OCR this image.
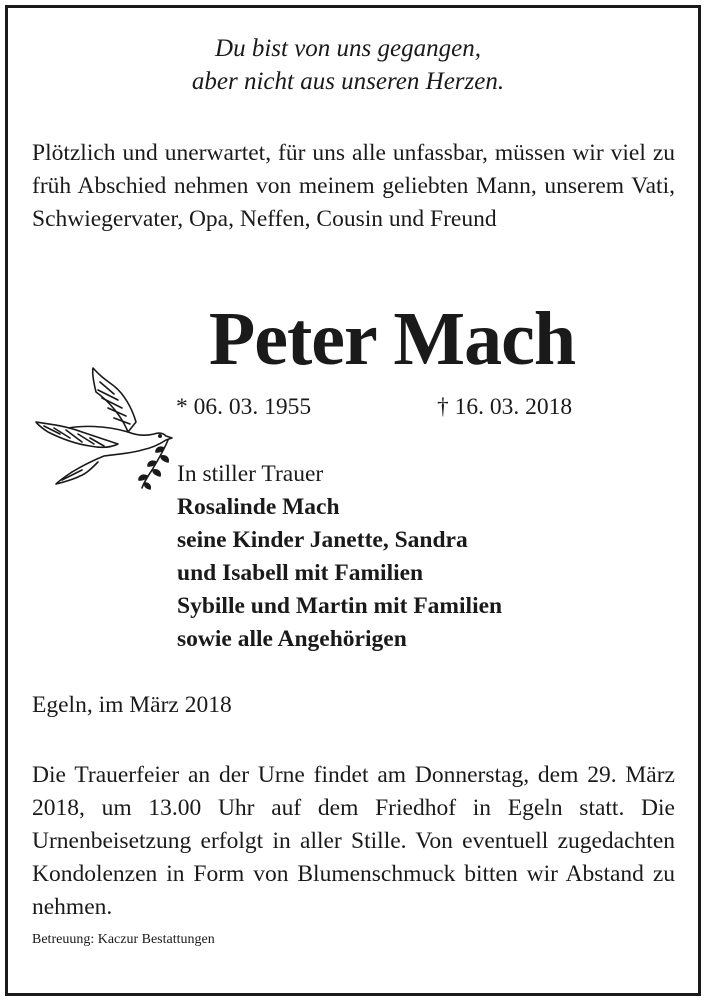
Du bist von uns gegangen,
aber nicht aus unseren Herzen.
Plötzlich und unerwartet, für uns alle unfassbar, müssen wir viel zu früh Abschied nehmen von meinem geliebten Mann, unserem Vati, Schwiegervater, Opa, Neffen, Cousin und Freund
Peter Mach
* 06. 03. 1955	† 16. 03. 2018
In stiller Trauer
Rosalinde Mach
seine Kinder Janette, Sandra
und Isabell mit Familien
Sybille und Martin mit Familien
sowie alle Angehörigen
Egeln, im März 2018
Die Trauerfeier an der Urne findet am Donnerstag, dem 29. März 2018, um 13.00 Uhr auf dem Friedhof in Egeln statt. Die Urnenbeisetzung erfolgt in aller Stille. Von eventuell zugedachten Kondolenzen in Form von Blumenschmuck bitten wir Abstand zu nehmen.
Betreuung: Kaczur Bestattungen
